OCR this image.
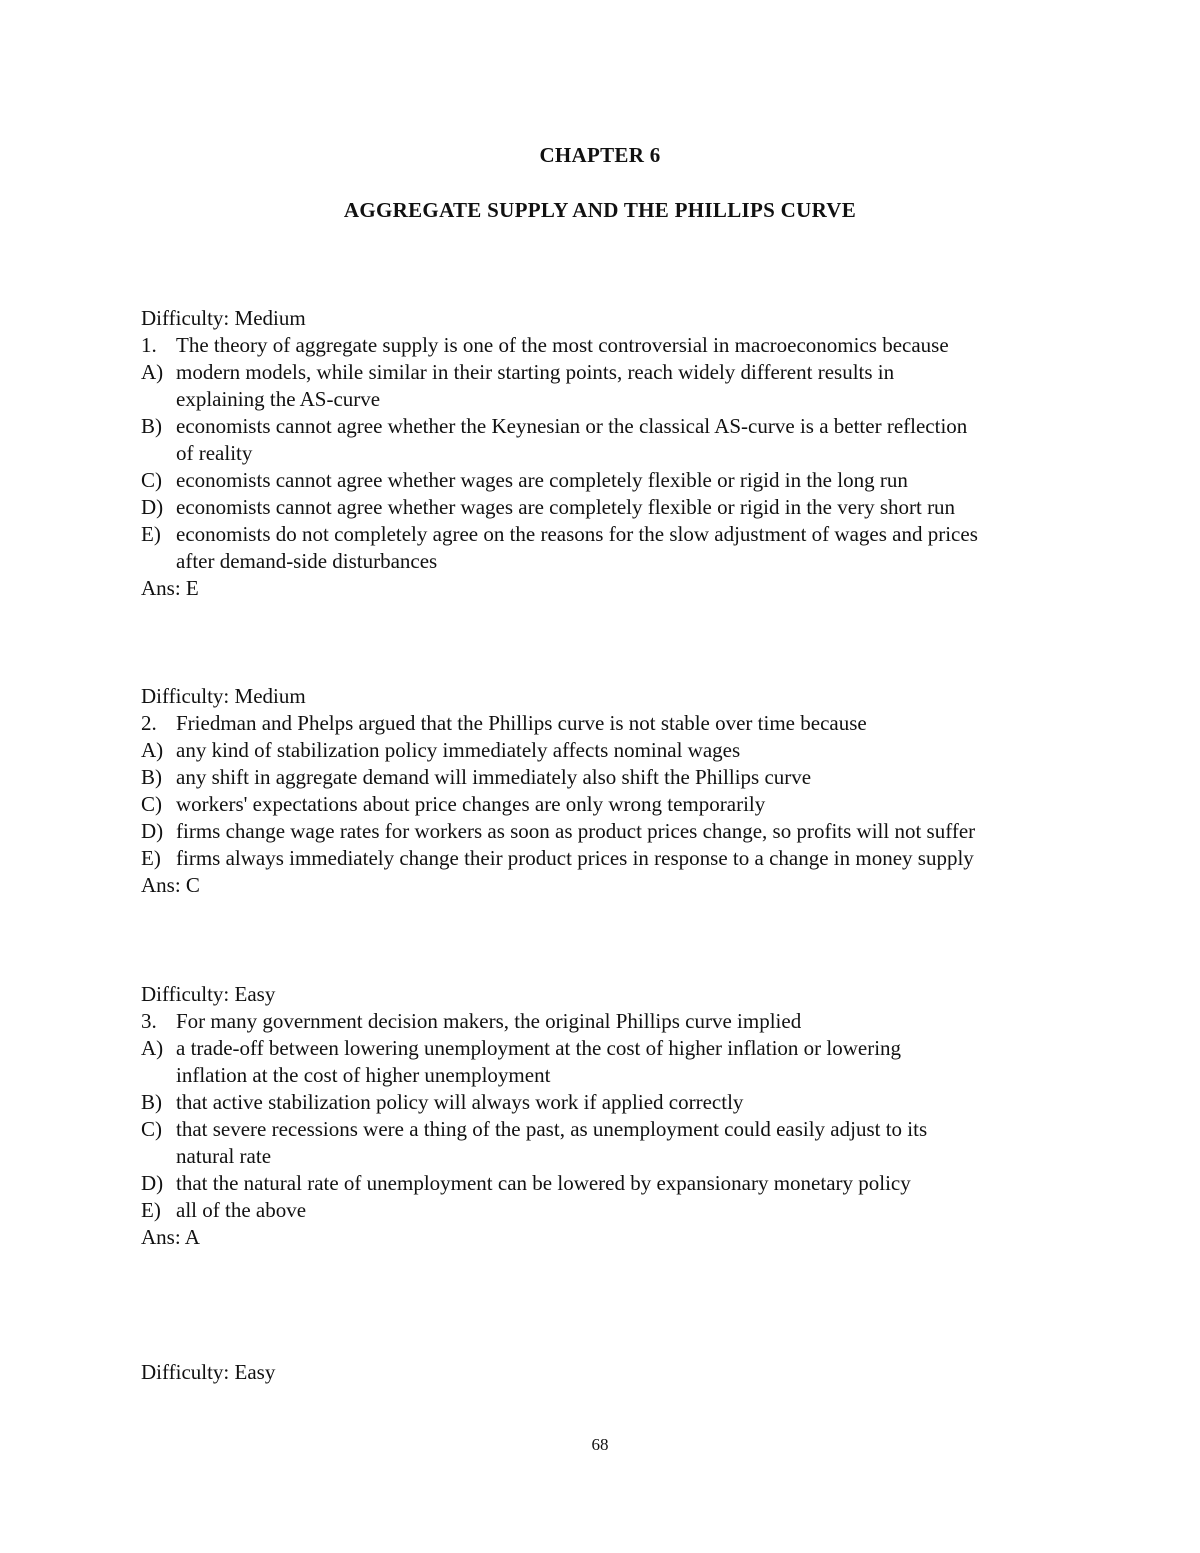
CHAPTER 6
AGGREGATE SUPPLY AND THE PHILLIPS CURVE
Difficulty: Medium
1. The theory of aggregate supply is one of the most controversial in macroeconomics because
A) modern models, while similar in their starting points, reach widely different results in
explaining the AS-curve
B) economists cannot agree whether the Keynesian or the classical AS-curve is a better reflection
of reality
C) economists cannot agree whether wages are completely flexible or rigid in the long run
D) economists cannot agree whether wages are completely flexible or rigid in the very short run
E) economists do not completely agree on the reasons for the slow adjustment of wages and prices
after demand-side disturbances
Ans: E
Difficulty: Medium
2. Friedman and Phelps argued that the Phillips curve is not stable over time because
A) any kind of stabilization policy immediately affects nominal wages
B) any shift in aggregate demand will immediately also shift the Phillips curve
C) workers' expectations about price changes are only wrong temporarily
D) firms change wage rates for workers as soon as product prices change, so profits will not suffer
E) firms always immediately change their product prices in response to a change in money supply
Ans: C
Difficulty: Easy
3. For many government decision makers, the original Phillips curve implied
A) a trade-off between lowering unemployment at the cost of higher inflation or lowering
inflation at the cost of higher unemployment
B) that active stabilization policy will always work if applied correctly
C) that severe recessions were a thing of the past, as unemployment could easily adjust to its
natural rate
D) that the natural rate of unemployment can be lowered by expansionary monetary policy
E) all of the above
Ans: A
Difficulty: Easy
68
